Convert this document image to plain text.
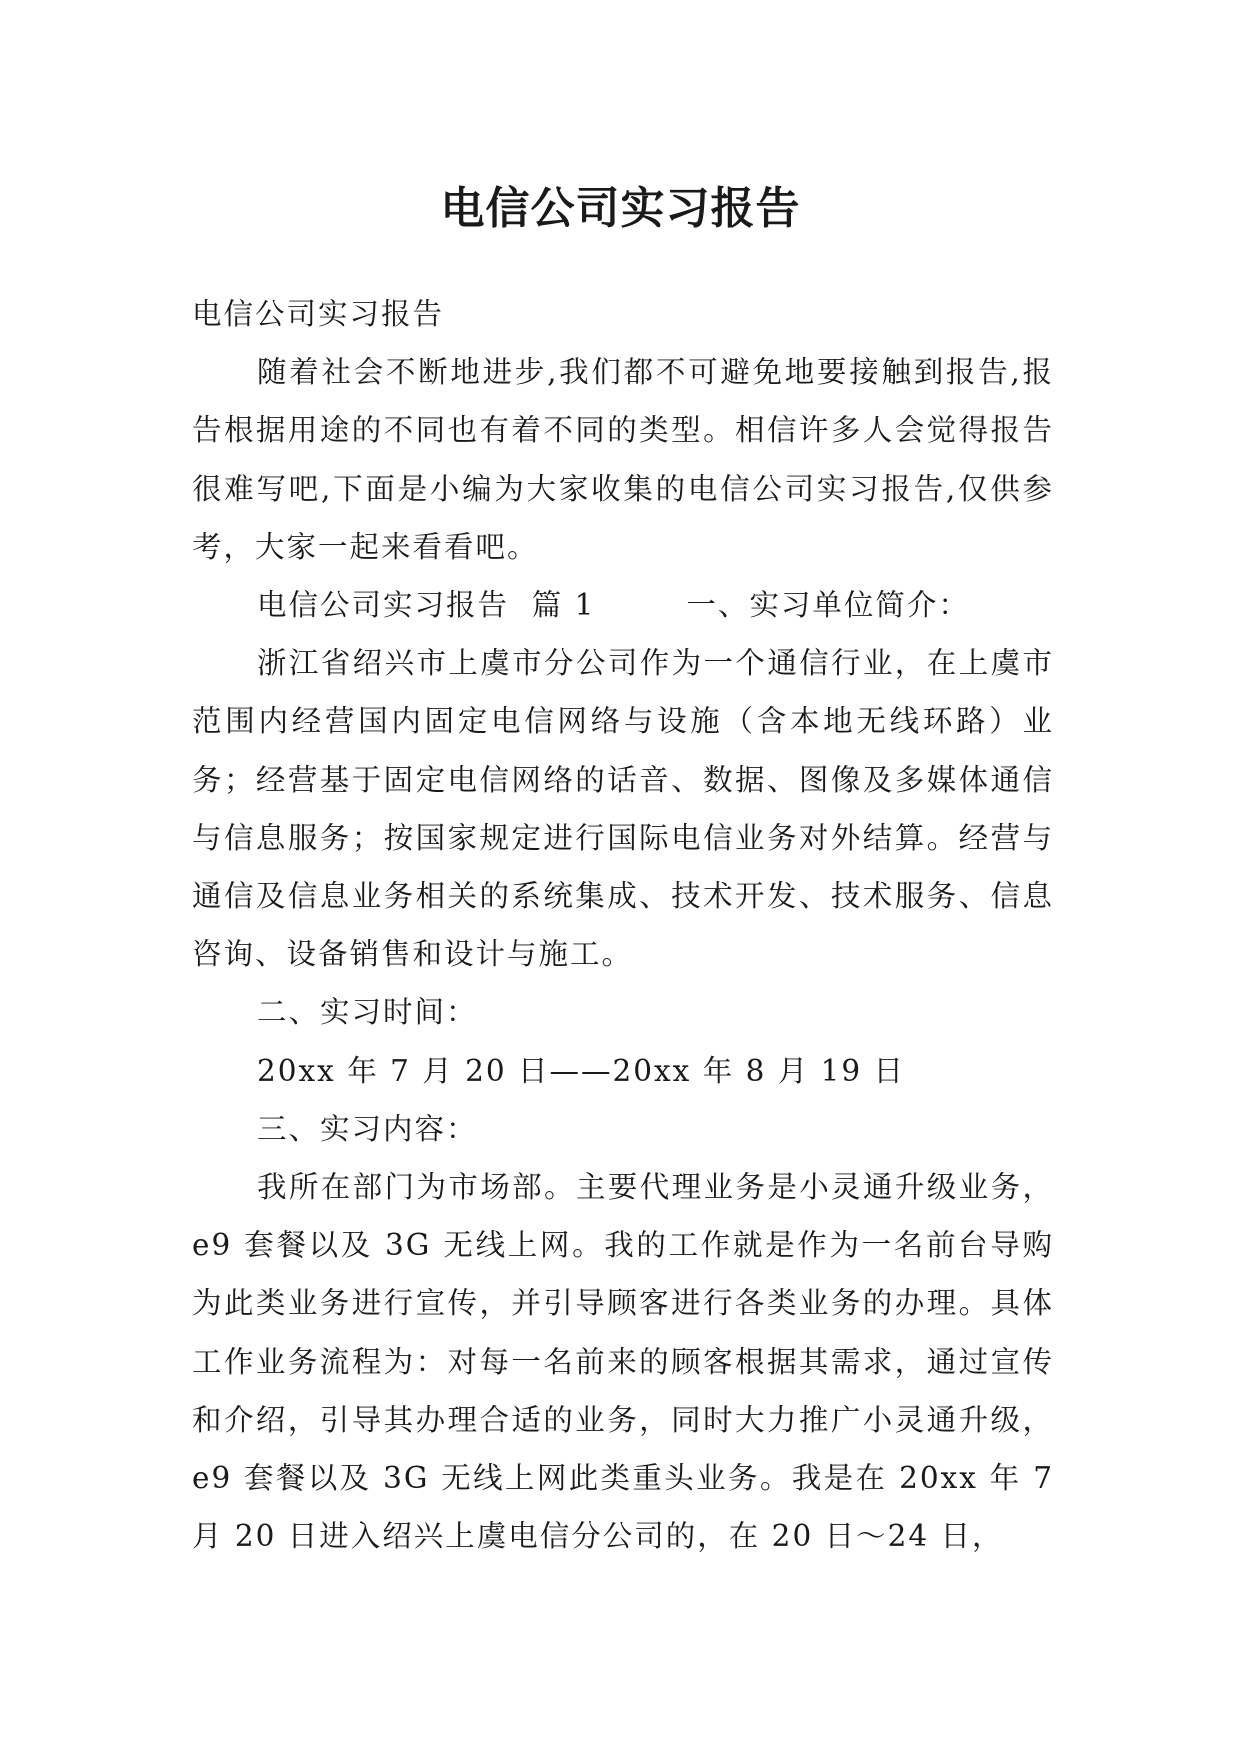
电信公司实习报告

电信公司实习报告

随着社会不断地进步,我们都不可避免地要接触到报告,报告根据用途的不同也有着不同的类型。相信许多人会觉得报告很难写吧,下面是小编为大家收集的电信公司实习报告,仅供参考，大家一起来看看吧。

电信公司实习报告  篇 1        一、实习单位简介：

浙江省绍兴市上虞市分公司作为一个通信行业，在上虞市范围内经营国内固定电信网络与设施（含本地无线环路）业务；经营基于固定电信网络的话音、数据、图像及多媒体通信与信息服务；按国家规定进行国际电信业务对外结算。经营与通信及信息业务相关的系统集成、技术开发、技术服务、信息咨询、设备销售和设计与施工。

二、实习时间：

20xx 年 7 月 20 日——20xx 年 8 月 19 日

三、实习内容：

我所在部门为市场部。主要代理业务是小灵通升级业务，e9 套餐以及 3G 无线上网。我的工作就是作为一名前台导购为此类业务进行宣传，并引导顾客进行各类业务的办理。具体工作业务流程为：对每一名前来的顾客根据其需求，通过宣传和介绍，引导其办理合适的业务，同时大力推广小灵通升级，e9 套餐以及 3G 无线上网此类重头业务。我是在 20xx 年 7 月 20 日进入绍兴上虞电信分公司的，在 20 日～24 日，
